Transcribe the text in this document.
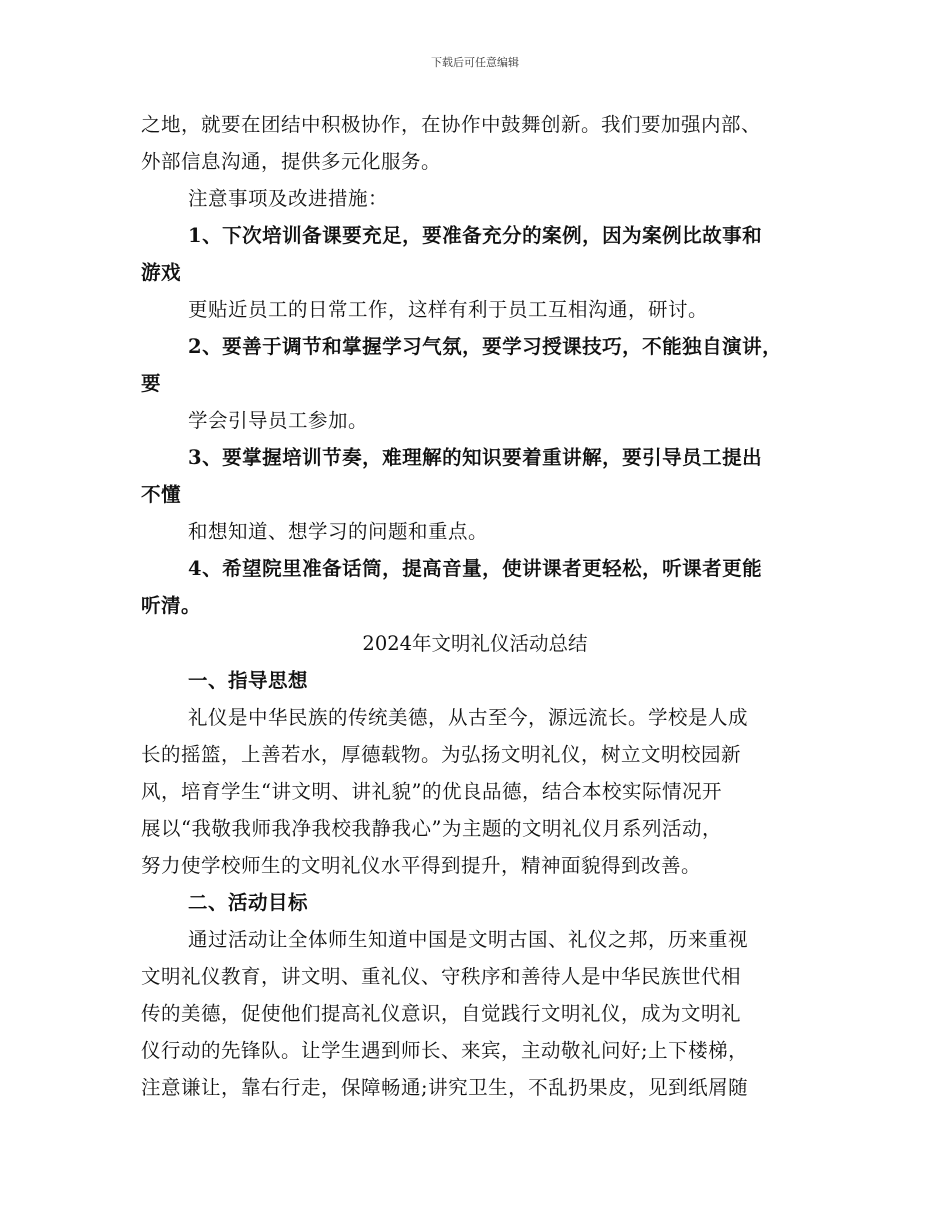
下载后可任意编辑
之地，就要在团结中积极协作，在协作中鼓舞创新。我们要加强内部、
外部信息沟通，提供多元化服务。
注意事项及改进措施：
1、下次培训备课要充足，要准备充分的案例，因为案例比故事和
游戏
更贴近员工的日常工作，这样有利于员工互相沟通，研讨。
2、要善于调节和掌握学习气氛，要学习授课技巧，不能独自演讲，
要
学会引导员工参加。
3、要掌握培训节奏，难理解的知识要着重讲解，要引导员工提出
不懂
和想知道、想学习的问题和重点。
4、希望院里准备话筒，提高音量，使讲课者更轻松，听课者更能
听清。
2024年文明礼仪活动总结
一、指导思想
礼仪是中华民族的传统美德，从古至今，源远流长。学校是人成
长的摇篮，上善若水，厚德载物。为弘扬文明礼仪，树立文明校园新
风，培育学生“讲文明、讲礼貌”的优良品德，结合本校实际情况开
展以“我敬我师我净我校我静我心”为主题的文明礼仪月系列活动，
努力使学校师生的文明礼仪水平得到提升，精神面貌得到改善。
二、活动目标
通过活动让全体师生知道中国是文明古国、礼仪之邦，历来重视
文明礼仪教育，讲文明、重礼仪、守秩序和善待人是中华民族世代相
传的美德，促使他们提高礼仪意识，自觉践行文明礼仪，成为文明礼
仪行动的先锋队。让学生遇到师长、来宾，主动敬礼问好;上下楼梯，
注意谦让，靠右行走，保障畅通;讲究卫生，不乱扔果皮，见到纸屑随
